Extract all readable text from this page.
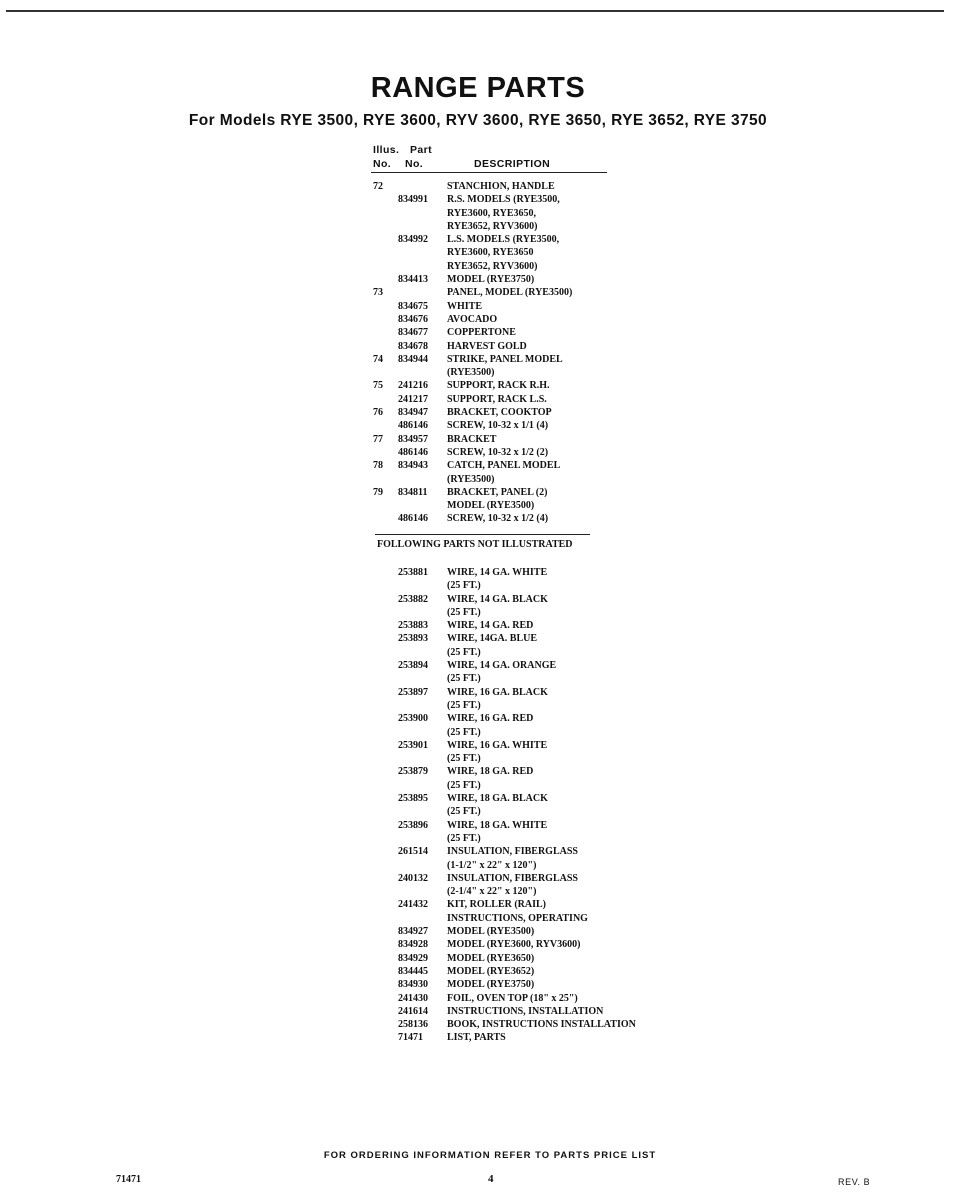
RANGE PARTS
For Models RYE 3500, RYE 3600, RYV 3600, RYE 3650, RYE 3652, RYE 3750
Illus. Part
No. No.	DESCRIPTION
72	STANCHION, HANDLE
834991 R.S. MODELS (RYE3500,
RYE3600, RYE3650,
RYE3652, RYV3600)
834992 L.S. MODELS (RYE3500,
RYE3600, RYE3650
RYE3652, RYV3600)
834413 MODEL (RYE3750)
73	PANEL, MODEL (RYE3500)
834675 WHITE
834676 AVOCADO
834677 COPPERTONE
834678 HARVEST GOLD
74 834944 STRIKE, PANEL MODEL
(RYE3500)
75 241216 SUPPORT, RACK R.H.
241217 SUPPORT, RACK L.S.
76 834947 BRACKET, COOKTOP
486146 SCREW, 10-32 x 1/1 (4)
77 834957 BRACKET
486146 SCREW, 10-32 x 1/2 (2)
78 834943 CATCH, PANEL MODEL
(RYE3500)
79 834811 BRACKET, PANEL (2)
MODEL (RYE3500)
486146 SCREW, 10-32 x 1/2 (4)
FOLLOWING PARTS NOT ILLUSTRATED
253881 WIRE, 14 GA. WHITE
(25 FT.)
253882 WIRE, 14 GA. BLACK
(25 FT.)
253883 WIRE, 14 GA. RED
253893 WIRE, 14GA. BLUE
(25 FT.)
253894 WIRE, 14 GA. ORANGE
(25 FT.)
253897 WIRE, 16 GA. BLACK
(25 FT.)
253900 WIRE, 16 GA. RED
(25 FT.)
253901 WIRE, 16 GA. WHITE
(25 FT.)
253879 WIRE, 18 GA. RED
(25 FT.)
253895 WIRE, 18 GA. BLACK
(25 FT.)
253896 WIRE, 18 GA. WHITE
(25 FT.)
261514 INSULATION, FIBERGLASS
(1-1/2" x 22" x 120")
240132 INSULATION, FIBERGLASS
(2-1/4" x 22" x 120")
241432 KIT, ROLLER (RAIL)
INSTRUCTIONS, OPERATING
834927 MODEL (RYE3500)
834928 MODEL (RYE3600, RYV3600)
834929 MODEL (RYE3650)
834445 MODEL (RYE3652)
834930 MODEL (RYE3750)
241430 FOIL, OVEN TOP (18" x 25")
241614 INSTRUCTIONS, INSTALLATION
258136 BOOK, INSTRUCTIONS INSTALLATION
71471 LIST, PARTS
FOR ORDERING INFORMATION REFER TO PARTS PRICE LIST
71471	4	REV. B
